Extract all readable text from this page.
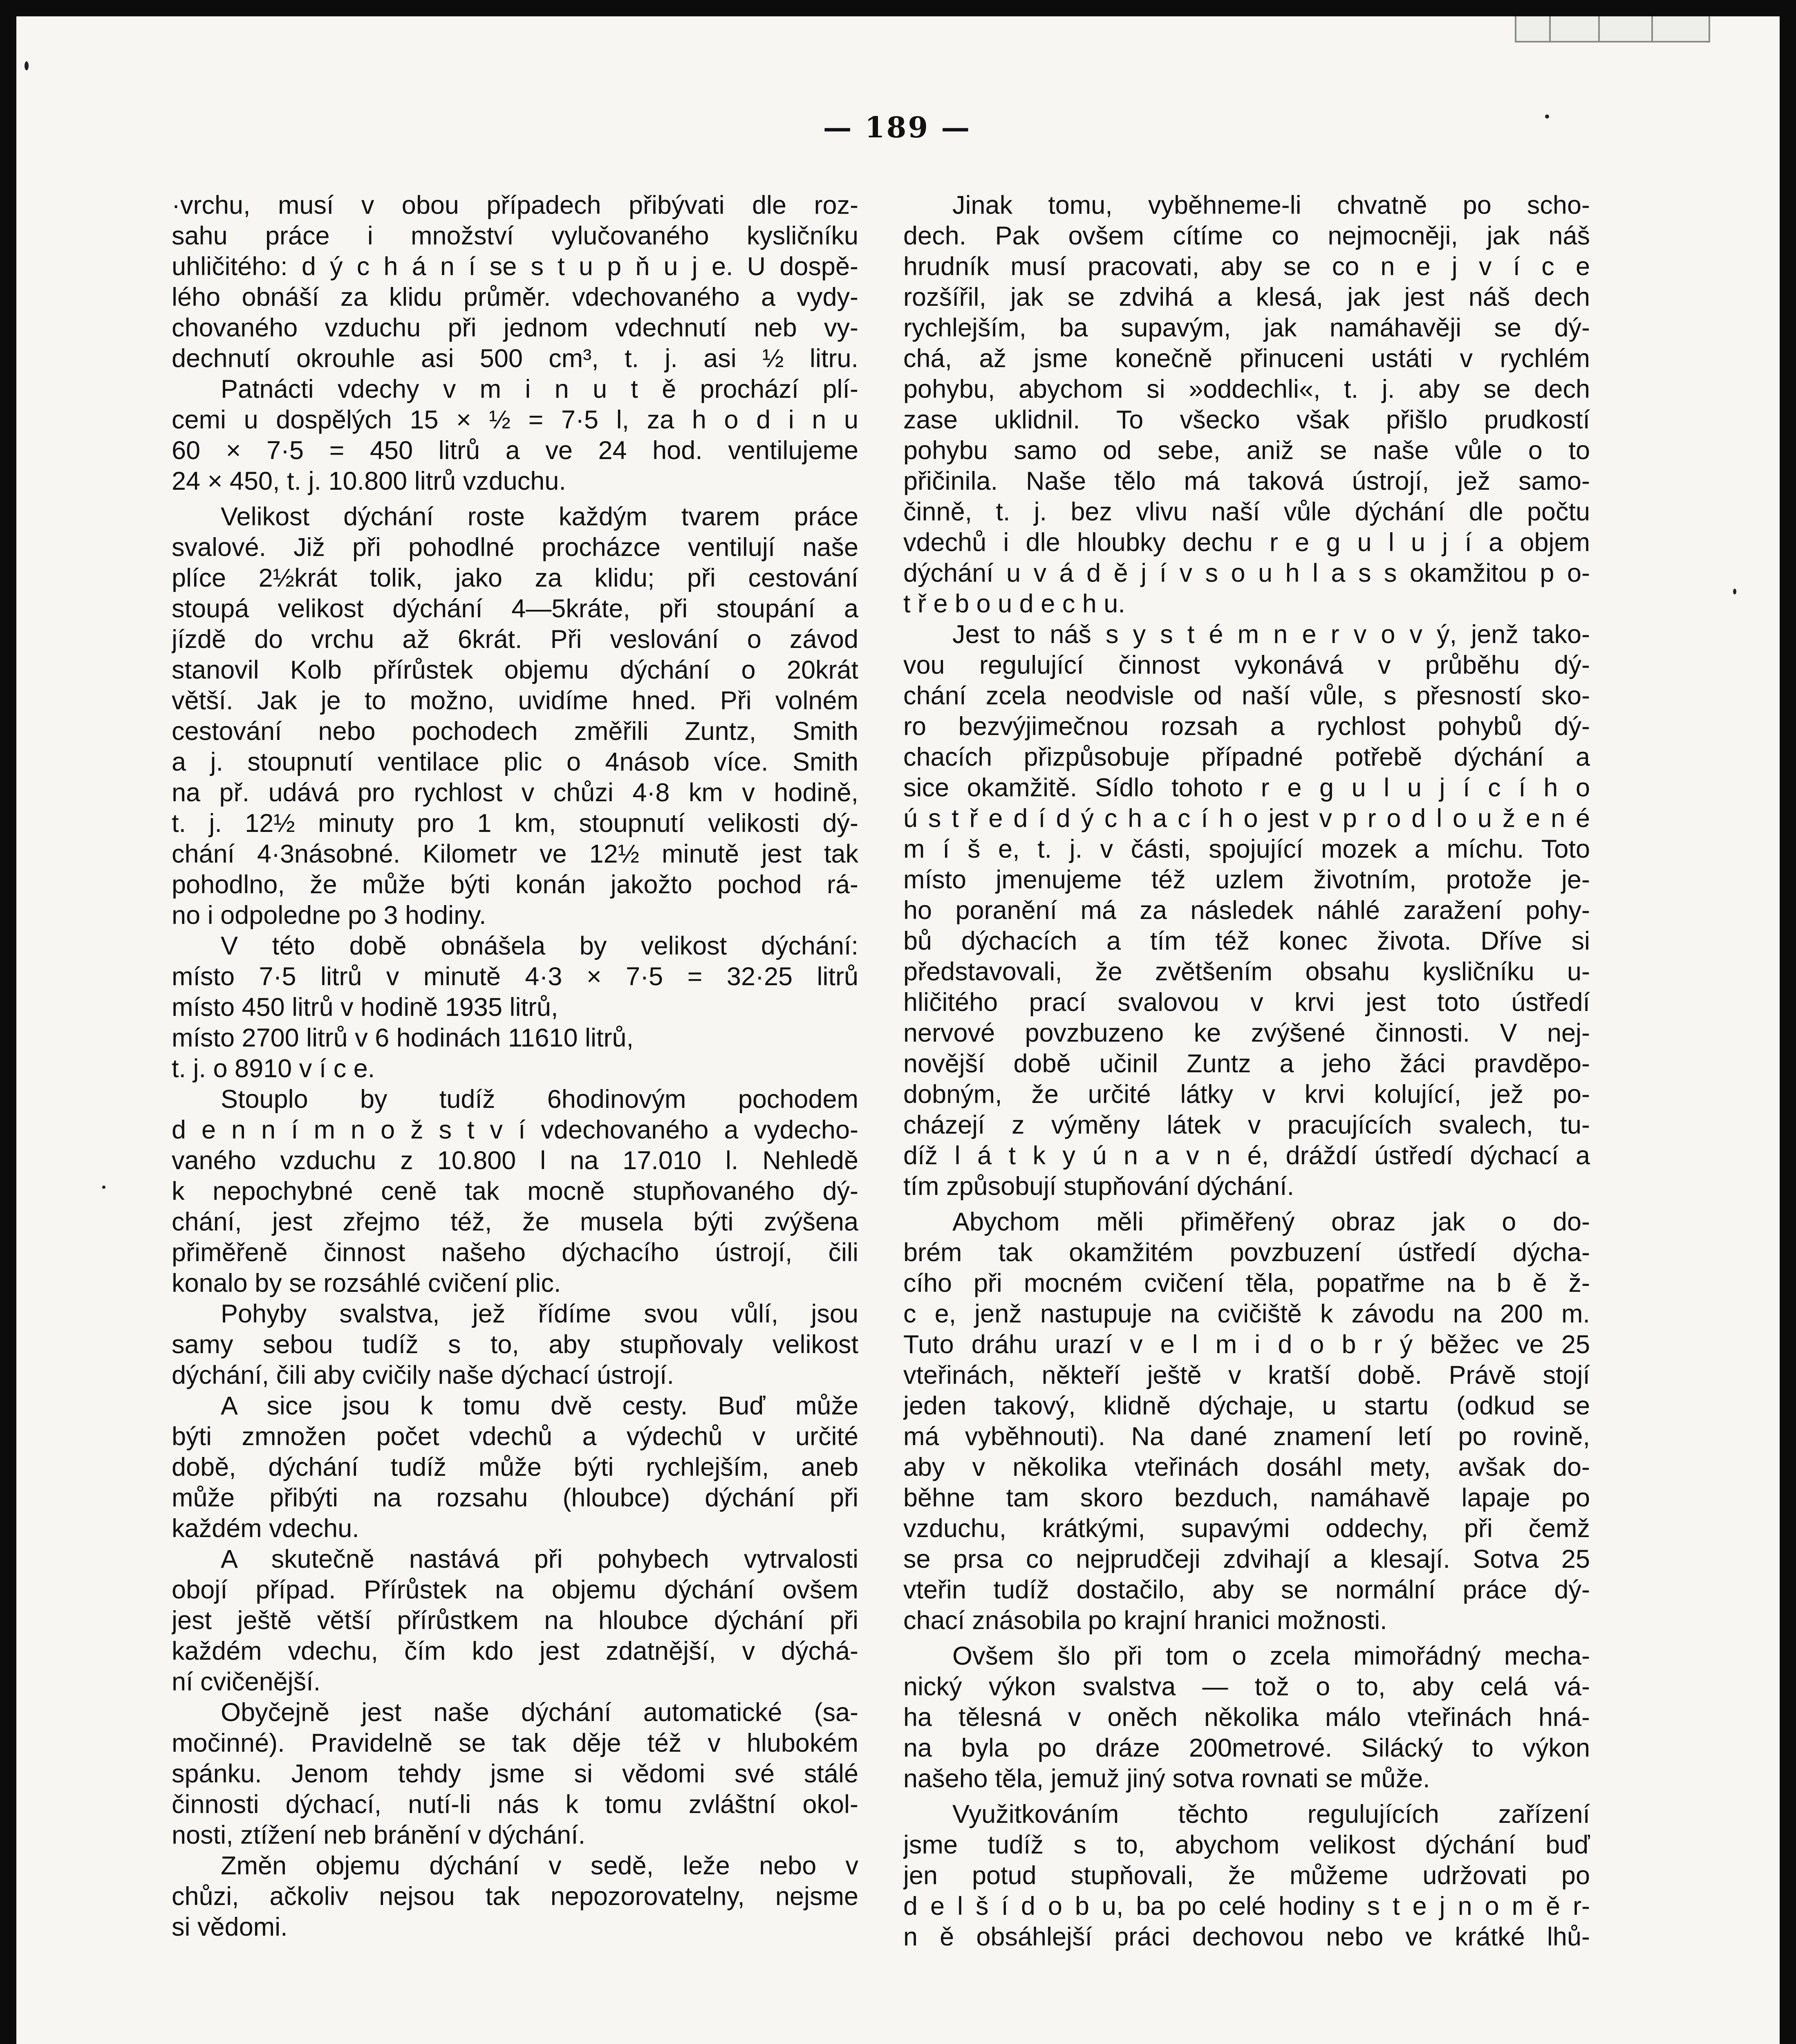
— 189 —
·vrchu, musí v obou případech přibývati dle roz-
sahu práce i množství vylučovaného kysličníku
uhličitého: d ý c h á n í se s t u p ň u j e. U dospě-
lého obnáší za klidu průměr. vdechovaného a vydy-
chovaného vzduchu při jednom vdechnutí neb vy-
dechnutí okrouhle asi 500 cm³, t. j. asi ½ litru.
Patnácti vdechy v m i n u t ě prochází plí-
cemi u dospělých 15 × ½ = 7·5 l, za h o d i n u
60 × 7·5 = 450 litrů a ve 24 hod. ventilujeme
24 × 450, t. j. 10.800 litrů vzduchu.
Velikost dýchání roste každým tvarem práce
svalové. Již při pohodlné procházce ventilují naše
plíce 2½krát tolik, jako za klidu; při cestování
stoupá velikost dýchání 4—5kráte, při stoupání a
jízdě do vrchu až 6krát. Při veslování o závod
stanovil Kolb přírůstek objemu dýchání o 20krát
větší. Jak je to možno, uvidíme hned. Při volném
cestování nebo pochodech změřili Zuntz, Smith
a j. stoupnutí ventilace plic o 4násob více. Smith
na př. udává pro rychlost v chůzi 4·8 km v hodině,
t. j. 12½ minuty pro 1 km, stoupnutí velikosti dý-
chání 4·3násobné. Kilometr ve 12½ minutě jest tak
pohodlno, že může býti konán jakožto pochod rá-
no i odpoledne po 3 hodiny.
V této době obnášela by velikost dýchání:
místo 7·5 litrů v minutě 4·3 × 7·5 = 32·25 litrů
místo 450 litrů v hodině 1935 litrů,
místo 2700 litrů v 6 hodinách 11610 litrů,
t. j. o 8910 v í c e.
Stouplo by tudíž 6hodinovým pochodem
d e n n í m n o ž s t v í vdechovaného a vydecho-
vaného vzduchu z 10.800 l na 17.010 l. Nehledě
k nepochybné ceně tak mocně stupňovaného dý-
chání, jest zřejmo též, že musela býti zvýšena
přiměřeně činnost našeho dýchacího ústrojí, čili
konalo by se rozsáhlé cvičení plic.
Pohyby svalstva, jež řídíme svou vůlí, jsou
samy sebou tudíž s to, aby stupňovaly velikost
dýchání, čili aby cvičily naše dýchací ústrojí.
A sice jsou k tomu dvě cesty. Buď může
býti zmnožen počet vdechů a výdechů v určité
době, dýchání tudíž může býti rychlejším, aneb
může přibýti na rozsahu (hloubce) dýchání při
každém vdechu.
A skutečně nastává při pohybech vytrvalosti
obojí případ. Přírůstek na objemu dýchání ovšem
jest ještě větší přírůstkem na hloubce dýchání při
každém vdechu, čím kdo jest zdatnější, v dýchá-
ní cvičenější.
Obyčejně jest naše dýchání automatické (sa-
močinné). Pravidelně se tak děje též v hlubokém
spánku. Jenom tehdy jsme si vědomi své stálé
činnosti dýchací, nutí-li nás k tomu zvláštní okol-
nosti, ztížení neb bránění v dýchání.
Změn objemu dýchání v sedě, leže nebo v
chůzi, ačkoliv nejsou tak nepozorovatelny, nejsme
si vědomi.
Jinak tomu, vyběhneme-li chvatně po scho-
dech. Pak ovšem cítíme co nejmocněji, jak náš
hrudník musí pracovati, aby se co n e j v í c e
rozšířil, jak se zdvihá a klesá, jak jest náš dech
rychlejším, ba supavým, jak namáhavěji se dý-
chá, až jsme konečně přinuceni ustáti v rychlém
pohybu, abychom si »oddechli«, t. j. aby se dech
zase uklidnil. To všecko však přišlo prudkostí
pohybu samo od sebe, aniž se naše vůle o to
přičinila. Naše tělo má taková ústrojí, jež samo-
činně, t. j. bez vlivu naší vůle dýchání dle počtu
vdechů i dle hloubky dechu r e g u l u j í a objem
dýchání u v á d ě j í v s o u h l a s s okamžitou p o-
t ř e b o u d e c h u.
Jest to náš s y s t é m n e r v o v ý, jenž tako-
vou regulující činnost vykonává v průběhu dý-
chání zcela neodvisle od naší vůle, s přesností sko-
ro bezvýjimečnou rozsah a rychlost pohybů dý-
chacích přizpůsobuje případné potřebě dýchání a
sice okamžitě. Sídlo tohoto r e g u l u j í c í h o
ú s t ř e d í d ý c h a c í h o jest v p r o d l o u ž e n é
m í š e, t. j. v části, spojující mozek a míchu. Toto
místo jmenujeme též uzlem životním, protože je-
ho poranění má za následek náhlé zaražení pohy-
bů dýchacích a tím též konec života. Dříve si
představovali, že zvětšením obsahu kysličníku u-
hličitého prací svalovou v krvi jest toto ústředí
nervové povzbuzeno ke zvýšené činnosti. V nej-
novější době učinil Zuntz a jeho žáci pravděpo-
dobným, že určité látky v krvi kolující, jež po-
cházejí z výměny látek v pracujících svalech, tu-
díž l á t k y ú n a v n é, dráždí ústředí dýchací a
tím způsobují stupňování dýchání.
Abychom měli přiměřený obraz jak o do-
brém tak okamžitém povzbuzení ústředí dýcha-
cího při mocném cvičení těla, popatřme na b ě ž-
c e, jenž nastupuje na cvičiště k závodu na 200 m.
Tuto dráhu urazí v e l m i d o b r ý běžec ve 25
vteřinách, někteří ještě v kratší době. Právě stojí
jeden takový, klidně dýchaje, u startu (odkud se
má vyběhnouti). Na dané znamení letí po rovině,
aby v několika vteřinách dosáhl mety, avšak do-
běhne tam skoro bezduch, namáhavě lapaje po
vzduchu, krátkými, supavými oddechy, při čemž
se prsa co nejprudčeji zdvihají a klesají. Sotva 25
vteřin tudíž dostačilo, aby se normální práce dý-
chací znásobila po krajní hranici možnosti.
Ovšem šlo při tom o zcela mimořádný mecha-
nický výkon svalstva — tož o to, aby celá vá-
ha tělesná v oněch několika málo vteřinách hná-
na byla po dráze 200metrové. Silácký to výkon
našeho těla, jemuž jiný sotva rovnati se může.
Využitkováním těchto regulujících zařízení
jsme tudíž s to, abychom velikost dýchání buď
jen potud stupňovali, že můžeme udržovati po
d e l š í d o b u, ba po celé hodiny s t e j n o m ě r-
n ě obsáhlejší práci dechovou nebo ve krátké lhů-
